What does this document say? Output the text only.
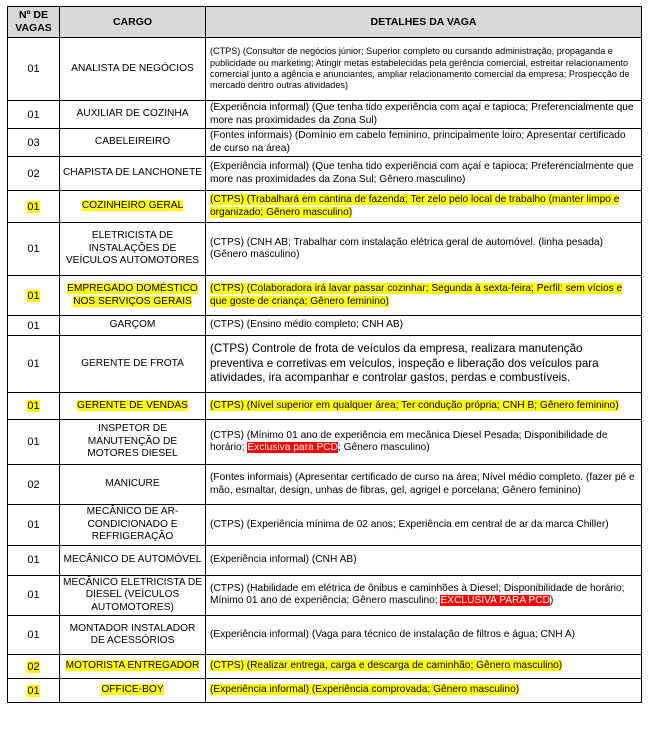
Nº DE VAGAS	CARGO	DETALHES DA VAGA
01	ANALISTA DE NEGÓCIOS	(CTPS) (Consultor de negócios júnior; Superior completo ou cursando administração, propaganda e publicidade ou marketing; Atingir metas estabelecidas pela gerência comercial, estreitar relacionamento comercial junto a agência e anunciantes, ampliar relacionamento comercial da empresa; Prospecção de mercado dentro outras atividades)
01	AUXILIAR DE COZINHA	(Experiência informal) (Que tenha tido experiência com açaí e tapioca; Preferencialmente que more nas proximidades da Zona Sul)
03	CABELEIREIRO	(Fontes informais) (Domínio em cabelo feminino, principalmente loiro; Apresentar certificado de curso na área)
02	CHAPISTA DE LANCHONETE	(Experiência informal) (Que tenha tido experiência com açaí e tapioca; Preferencialmente que more nas proximidades da Zona Sul; Gênero masculino)
01	COZINHEIRO GERAL	(CTPS) (Trabalhará em cantina de fazenda; Ter zelo pelo local de trabalho (manter limpo e organizado; Gênero masculino)
01	ELETRICISTA DE INSTALAÇÕES DE VEÍCULOS AUTOMOTORES	(CTPS) (CNH AB; Trabalhar com instalação elétrica geral de automóvel. (linha pesada) (Gênero masculino)
01	EMPREGADO DOMÉSTICO NOS SERVIÇOS GERAIS	(CTPS) (Colaboradora irá lavar passar cozinhar; Segunda à sexta-feira; Perfil: sem vícios e que goste de criança; Gênero feminino)
01	GARÇOM	(CTPS) (Ensino médio completo; CNH AB)
01	GERENTE DE FROTA	(CTPS) Controle de frota de veículos da empresa, realizara manutenção preventiva e corretivas em veículos, inspeção e liberação dos veículos para atividades, ira acompanhar e controlar gastos, perdas e combustíveis.
01	GERENTE DE VENDAS	(CTPS) (Nível superior em qualquer área; Ter condução própria; CNH B; Gênero feminino)
01	INSPETOR DE MANUTENÇÃO DE MOTORES DIESEL	(CTPS) (Mínimo 01 ano de experiência em mecânica Diesel Pesada; Disponibilidade de horário; Exclusiva para PCD; Gênero masculino)
02	MANICURE	(Fontes informais) (Apresentar certificado de curso na área; Nível médio completo. (fazer pé e mão, esmaltar, design, unhas de fibras, gel, agrigel e porcelana; Gênero feminino)
01	MECÂNICO DE AR-CONDICIONADO E REFRIGERAÇÃO	(CTPS) (Experiência mínima de 02 anos; Experiência em central de ar da marca Chiller)
01	MECÂNICO DE AUTOMÓVEL	(Experiência informal) (CNH AB)
01	MECÂNICO ELETRICISTA DE DIESEL (VEÍCULOS AUTOMOTORES)	(CTPS) (Habilidade em elétrica de ônibus e caminhões à Diesel; Disponibilidade de horário; Mínimo 01 ano de experiência; Gênero masculino; EXCLUSIVA PARA PCD)
01	MONTADOR INSTALADOR DE ACESSÓRIOS	(Experiência informal) (Vaga para técnico de instalação de filtros e água; CNH A)
02	MOTORISTA ENTREGADOR	(CTPS) (Realizar entrega, carga e descarga de caminhão; Gênero masculino)
01	OFFICE-BOY	(Experiência informal) (Experiência comprovada; Gênero masculino)
